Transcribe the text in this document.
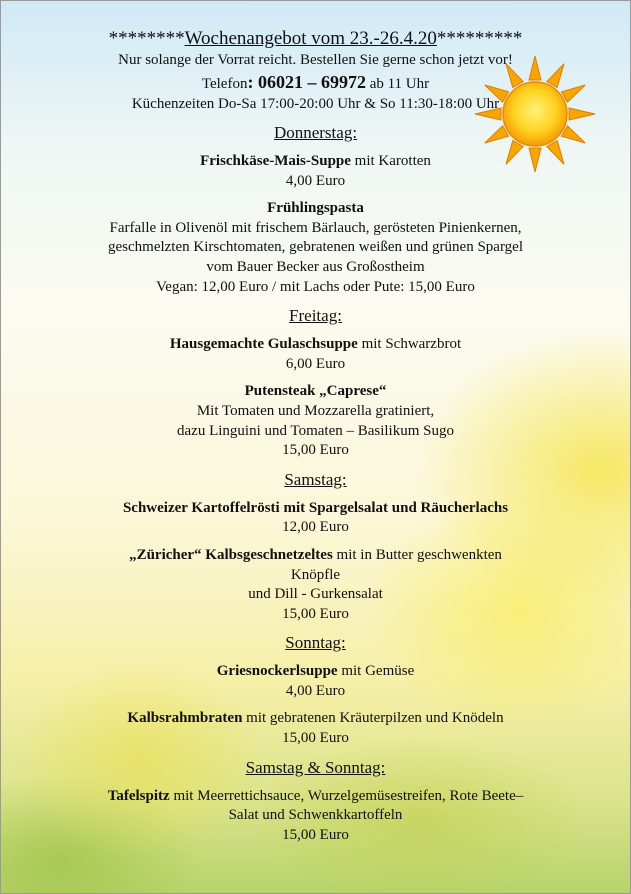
********Wochenangebot vom 23.-26.4.20*********

Nur solange der Vorrat reicht. Bestellen Sie gerne schon jetzt vor!

Telefon: 06021 – 69972 ab 11 Uhr

Küchenzeiten Do-Sa 17:00-20:00 Uhr & So 11:30-18:00 Uhr

Donnerstag:

Frischkäse-Mais-Suppe mit Karotten

4,00 Euro

Frühlingspasta

Farfalle in Olivenöl mit frischem Bärlauch, gerösteten Pinienkernen,

geschmelzten Kirschtomaten, gebratenen weißen und grünen Spargel

vom Bauer Becker aus Großostheim

Vegan: 12,00 Euro / mit Lachs oder Pute: 15,00 Euro

Freitag:

Hausgemachte Gulaschsuppe mit Schwarzbrot

6,00 Euro

Putensteak „Caprese“

Mit Tomaten und Mozzarella gratiniert,

dazu Linguini und Tomaten – Basilikum Sugo

15,00 Euro

Samstag:

Schweizer Kartoffelrösti mit Spargelsalat und Räucherlachs

12,00 Euro

„Züricher“ Kalbsgeschnetzeltes mit in Butter geschwenkten

Knöpfle

und Dill - Gurkensalat

15,00 Euro

Sonntag:

Griesnockerlsuppe mit Gemüse

4,00 Euro

Kalbsrahmbraten mit gebratenen Kräuterpilzen und Knödeln

15,00 Euro

Samstag & Sonntag:

Tafelspitz mit Meerrettichsauce, Wurzelgemüsestreifen, Rote Beete–

Salat und Schwenkkartoffeln

15,00 Euro
